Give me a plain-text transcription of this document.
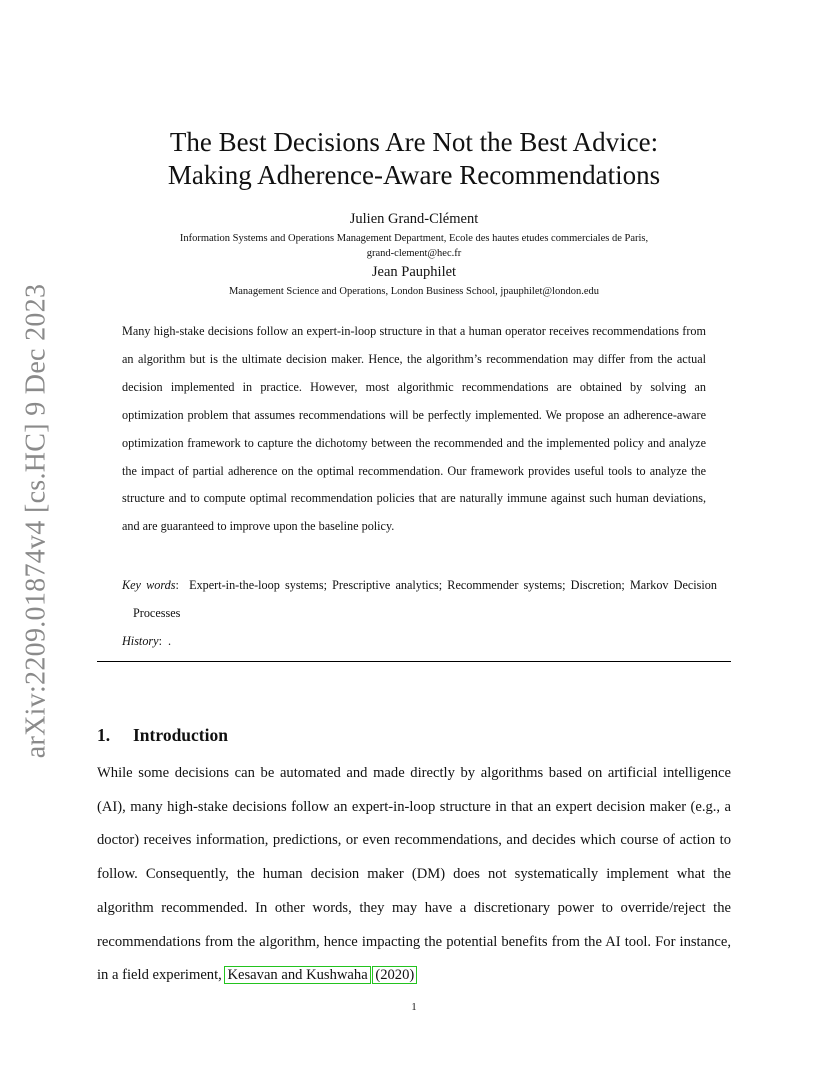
arXiv:2209.01874v4 [cs.HC] 9 Dec 2023
The Best Decisions Are Not the Best Advice:
Making Adherence-Aware Recommendations

Julien Grand-Clément

Information Systems and Operations Management Department, Ecole des hautes etudes commerciales de Paris,
grand-clement@hec.fr

Jean Pauphilet

Management Science and Operations, London Business School, jpauphilet@london.edu

Many high-stake decisions follow an expert-in-loop structure in that a human operator receives recommendations from an algorithm but is the ultimate decision maker. Hence, the algorithm’s recommendation may differ from the actual decision implemented in practice. However, most algorithmic recommendations are obtained by solving an optimization problem that assumes recommendations will be perfectly implemented. We propose an adherence-aware optimization framework to capture the dichotomy between the recommended and the implemented policy and analyze the impact of partial adherence on the optimal recommendation. Our framework provides useful tools to analyze the structure and to compute optimal recommendation policies that are naturally immune against such human deviations, and are guaranteed to improve upon the baseline policy.

Key words:  Expert-in-the-loop systems; Prescriptive analytics; Recommender systems; Discretion; Markov Decision Processes

History:  .

1. Introduction

While some decisions can be automated and made directly by algorithms based on artificial intelligence (AI), many high-stake decisions follow an expert-in-loop structure in that an expert decision maker (e.g., a doctor) receives information, predictions, or even recommendations, and decides which course of action to follow. Consequently, the human decision maker (DM) does not systematically implement what the algorithm recommended. In other words, they may have a discretionary power to override/reject the recommendations from the algorithm, hence impacting the potential benefits from the AI tool. For instance, in a field experiment, Kesavan and Kushwaha (2020)

1
